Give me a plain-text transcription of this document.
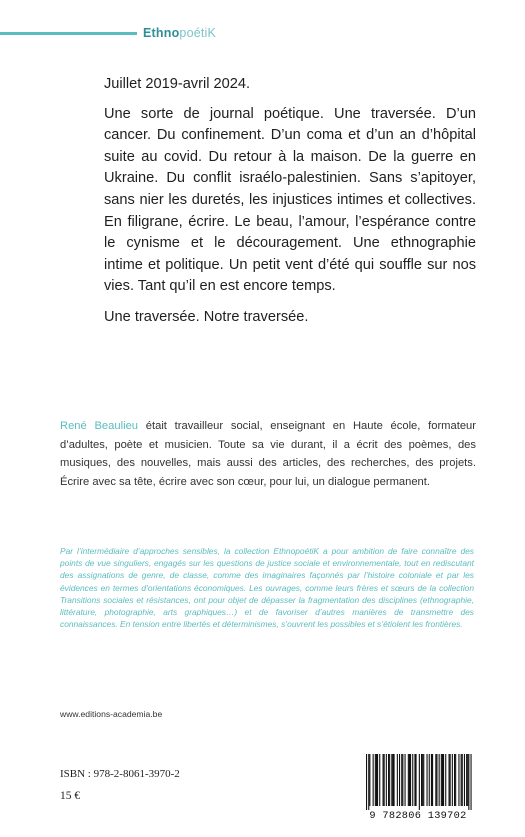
EthnopoétiK

Juillet 2019-avril 2024.

Une sorte de journal poétique. Une traversée. D’un cancer. Du confinement. D’un coma et d’un an d’hôpital suite au covid. Du retour à la maison. De la guerre en Ukraine. Du conflit israélo-palestinien. Sans s’apitoyer, sans nier les duretés, les injustices intimes et collectives. En filigrane, écrire. Le beau, l’amour, l’espérance contre le cynisme et le découragement. Une ethnographie intime et politique. Un petit vent d’été qui souffle sur nos vies. Tant qu’il en est encore temps.

Une traversée. Notre traversée.

René Beaulieu était travailleur social, enseignant en Haute école, formateur d’adultes, poète et musicien. Toute sa vie durant, il a écrit des poèmes, des musiques, des nouvelles, mais aussi des articles, des recherches, des projets. Écrire avec sa tête, écrire avec son cœur, pour lui, un dialogue permanent.
Par l’intermédiaire d’approches sensibles, la collection EthnopoétiK a pour ambition de faire connaître des points de vue singuliers, engagés sur les questions de justice sociale et environnementale, tout en rediscutant des assignations de genre, de classe, comme des imaginaires façonnés par l’histoire coloniale et par les évidences en termes d’orientations économiques. Les ouvrages, comme leurs frères et sœurs de la collection Transitions sociales et résistances, ont pour objet de dépasser la fragmentation des disciplines (ethnographie, littérature, photographie, arts graphiques…) et de favoriser d’autres manières de transmettre des connaissances. En tension entre libertés et déterminismes, s’ouvrent les possibles et s’étiolent les frontières.
www.editions-academia.be
ISBN : 978-2-8061-3970-2
15 €
9 782806 139702
